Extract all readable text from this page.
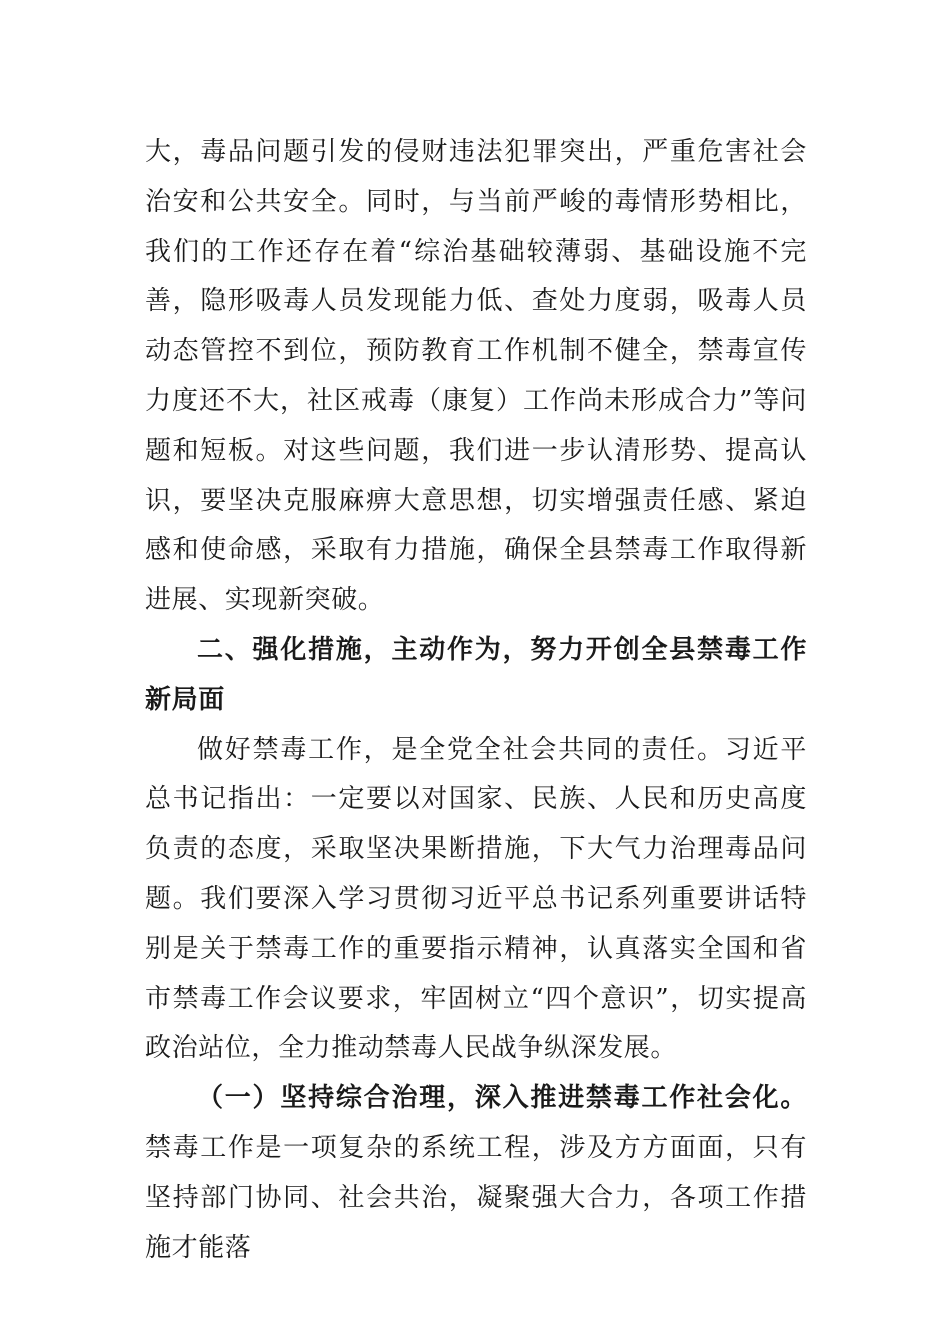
大，毒品问题引发的侵财违法犯罪突出，严重危害社会治安和公共安全。同时，与当前严峻的毒情形势相比，我们的工作还存在着“综治基础较薄弱、基础设施不完善，隐形吸毒人员发现能力低、查处力度弱，吸毒人员动态管控不到位，预防教育工作机制不健全，禁毒宣传力度还不大，社区戒毒（康复）工作尚未形成合力”等问题和短板。对这些问题，我们进一步认清形势、提高认识，要坚决克服麻痹大意思想，切实增强责任感、紧迫感和使命感，采取有力措施，确保全县禁毒工作取得新进展、实现新突破。

二、强化措施，主动作为，努力开创全县禁毒工作新局面

做好禁毒工作，是全党全社会共同的责任。习近平总书记指出：一定要以对国家、民族、人民和历史高度负责的态度，采取坚决果断措施，下大气力治理毒品问题。我们要深入学习贯彻习近平总书记系列重要讲话特别是关于禁毒工作的重要指示精神，认真落实全国和省市禁毒工作会议要求，牢固树立“四个意识”，切实提高政治站位，全力推动禁毒人民战争纵深发展。

（一）坚持综合治理，深入推进禁毒工作社会化。禁毒工作是一项复杂的系统工程，涉及方方面面，只有坚持部门协同、社会共治，凝聚强大合力，各项工作措施才能落
